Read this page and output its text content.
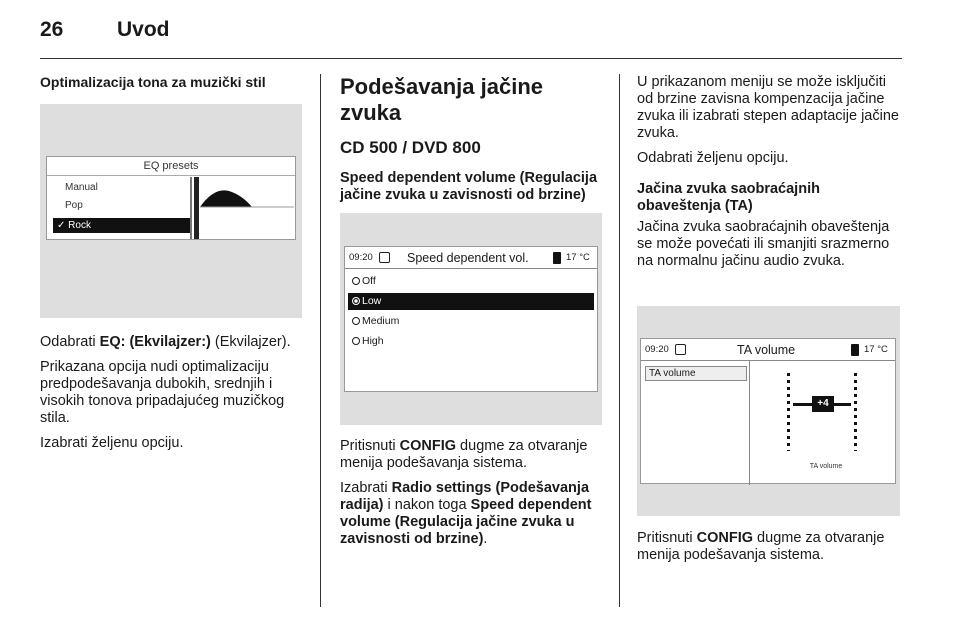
26	Uvod
Optimalizacija tona za muzički stil
EQ presets
Manual
Pop
✓ Rock

Odabrati EQ: (Ekvilajzer:) (Ekvilajzer).

Prikazana opcija nudi optimalizaciju predpodešavanja dubokih, srednjih i visokih tonova pripadajućeg muzičkog stila.

Izabrati željenu opciju.

Podešavanja jačine zvuka
CD 500 / DVD 800
Speed dependent volume (Regulacija jačine zvuka u zavisnosti od brzine)
09:20	Speed dependent vol.	17 °C
Off
Low
Medium
High

Pritisnuti CONFIG dugme za otvaranje menija podešavanja sistema.

Izabrati Radio settings (Podešavanja radija) i nakon toga Speed dependent volume (Regulacija jačine zvuka u zavisnosti od brzine).

U prikazanom meniju se može isključiti od brzine zavisna kompenzacija jačine zvuka ili izabrati stepen adaptacije jačine zvuka.

Odabrati željenu opciju.

Jačina zvuka saobraćajnih obaveštenja (TA)

Jačina zvuka saobraćajnih obaveštenja se može povećati ili smanjiti srazmerno na normalnu jačinu audio zvuka.

09:20	TA volume	17 °C
TA volume
+4
TA volume

Pritisnuti CONFIG dugme za otvaranje menija podešavanja sistema.
